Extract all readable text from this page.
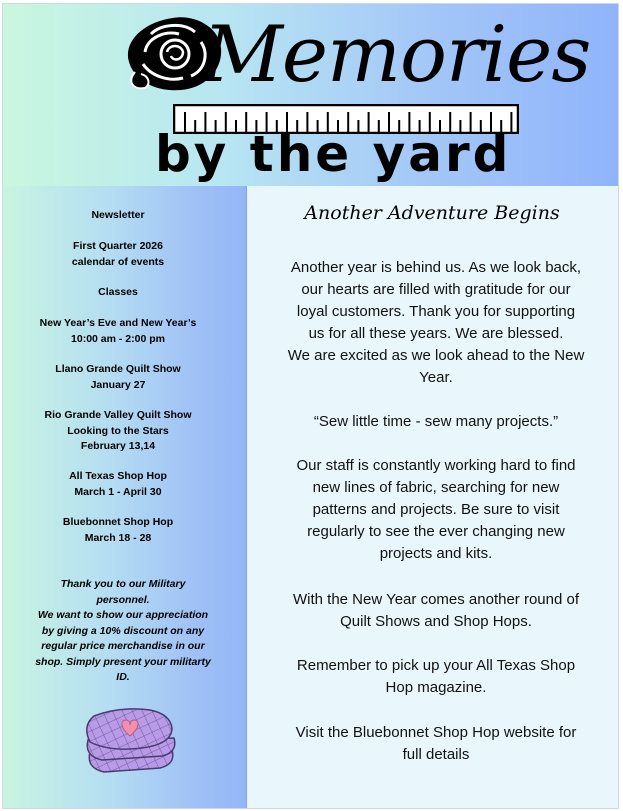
Memories
by the yard
Newsletter
First Quarter 2026
calendar of events
Classes
New Year’s Eve and New Year’s
10:00 am - 2:00 pm
Llano Grande Quilt Show
January 27
Rio Grande Valley Quilt Show
Looking to the Stars
February 13,14
All Texas Shop Hop
March 1 - April 30
Bluebonnet Shop Hop
March 18 - 28
Thank you to our Military
personnel.
We want to show our appreciation
by giving a 10% discount on any
regular price merchandise in our
shop. Simply present your militarty
ID.
Another Adventure Begins
Another year is behind us. As we look back,
our hearts are filled with gratitude for our
loyal customers. Thank you for supporting
us for all these years. We are blessed.
We are excited as we look ahead to the New
Year.
“Sew little time - sew many projects.”
Our staff is constantly working hard to find
new lines of fabric, searching for new
patterns and projects. Be sure to visit
regularly to see the ever changing new
projects and kits.
With the New Year comes another round of
Quilt Shows and Shop Hops.
Remember to pick up your All Texas Shop
Hop magazine.
Visit the Bluebonnet Shop Hop website for
full details
